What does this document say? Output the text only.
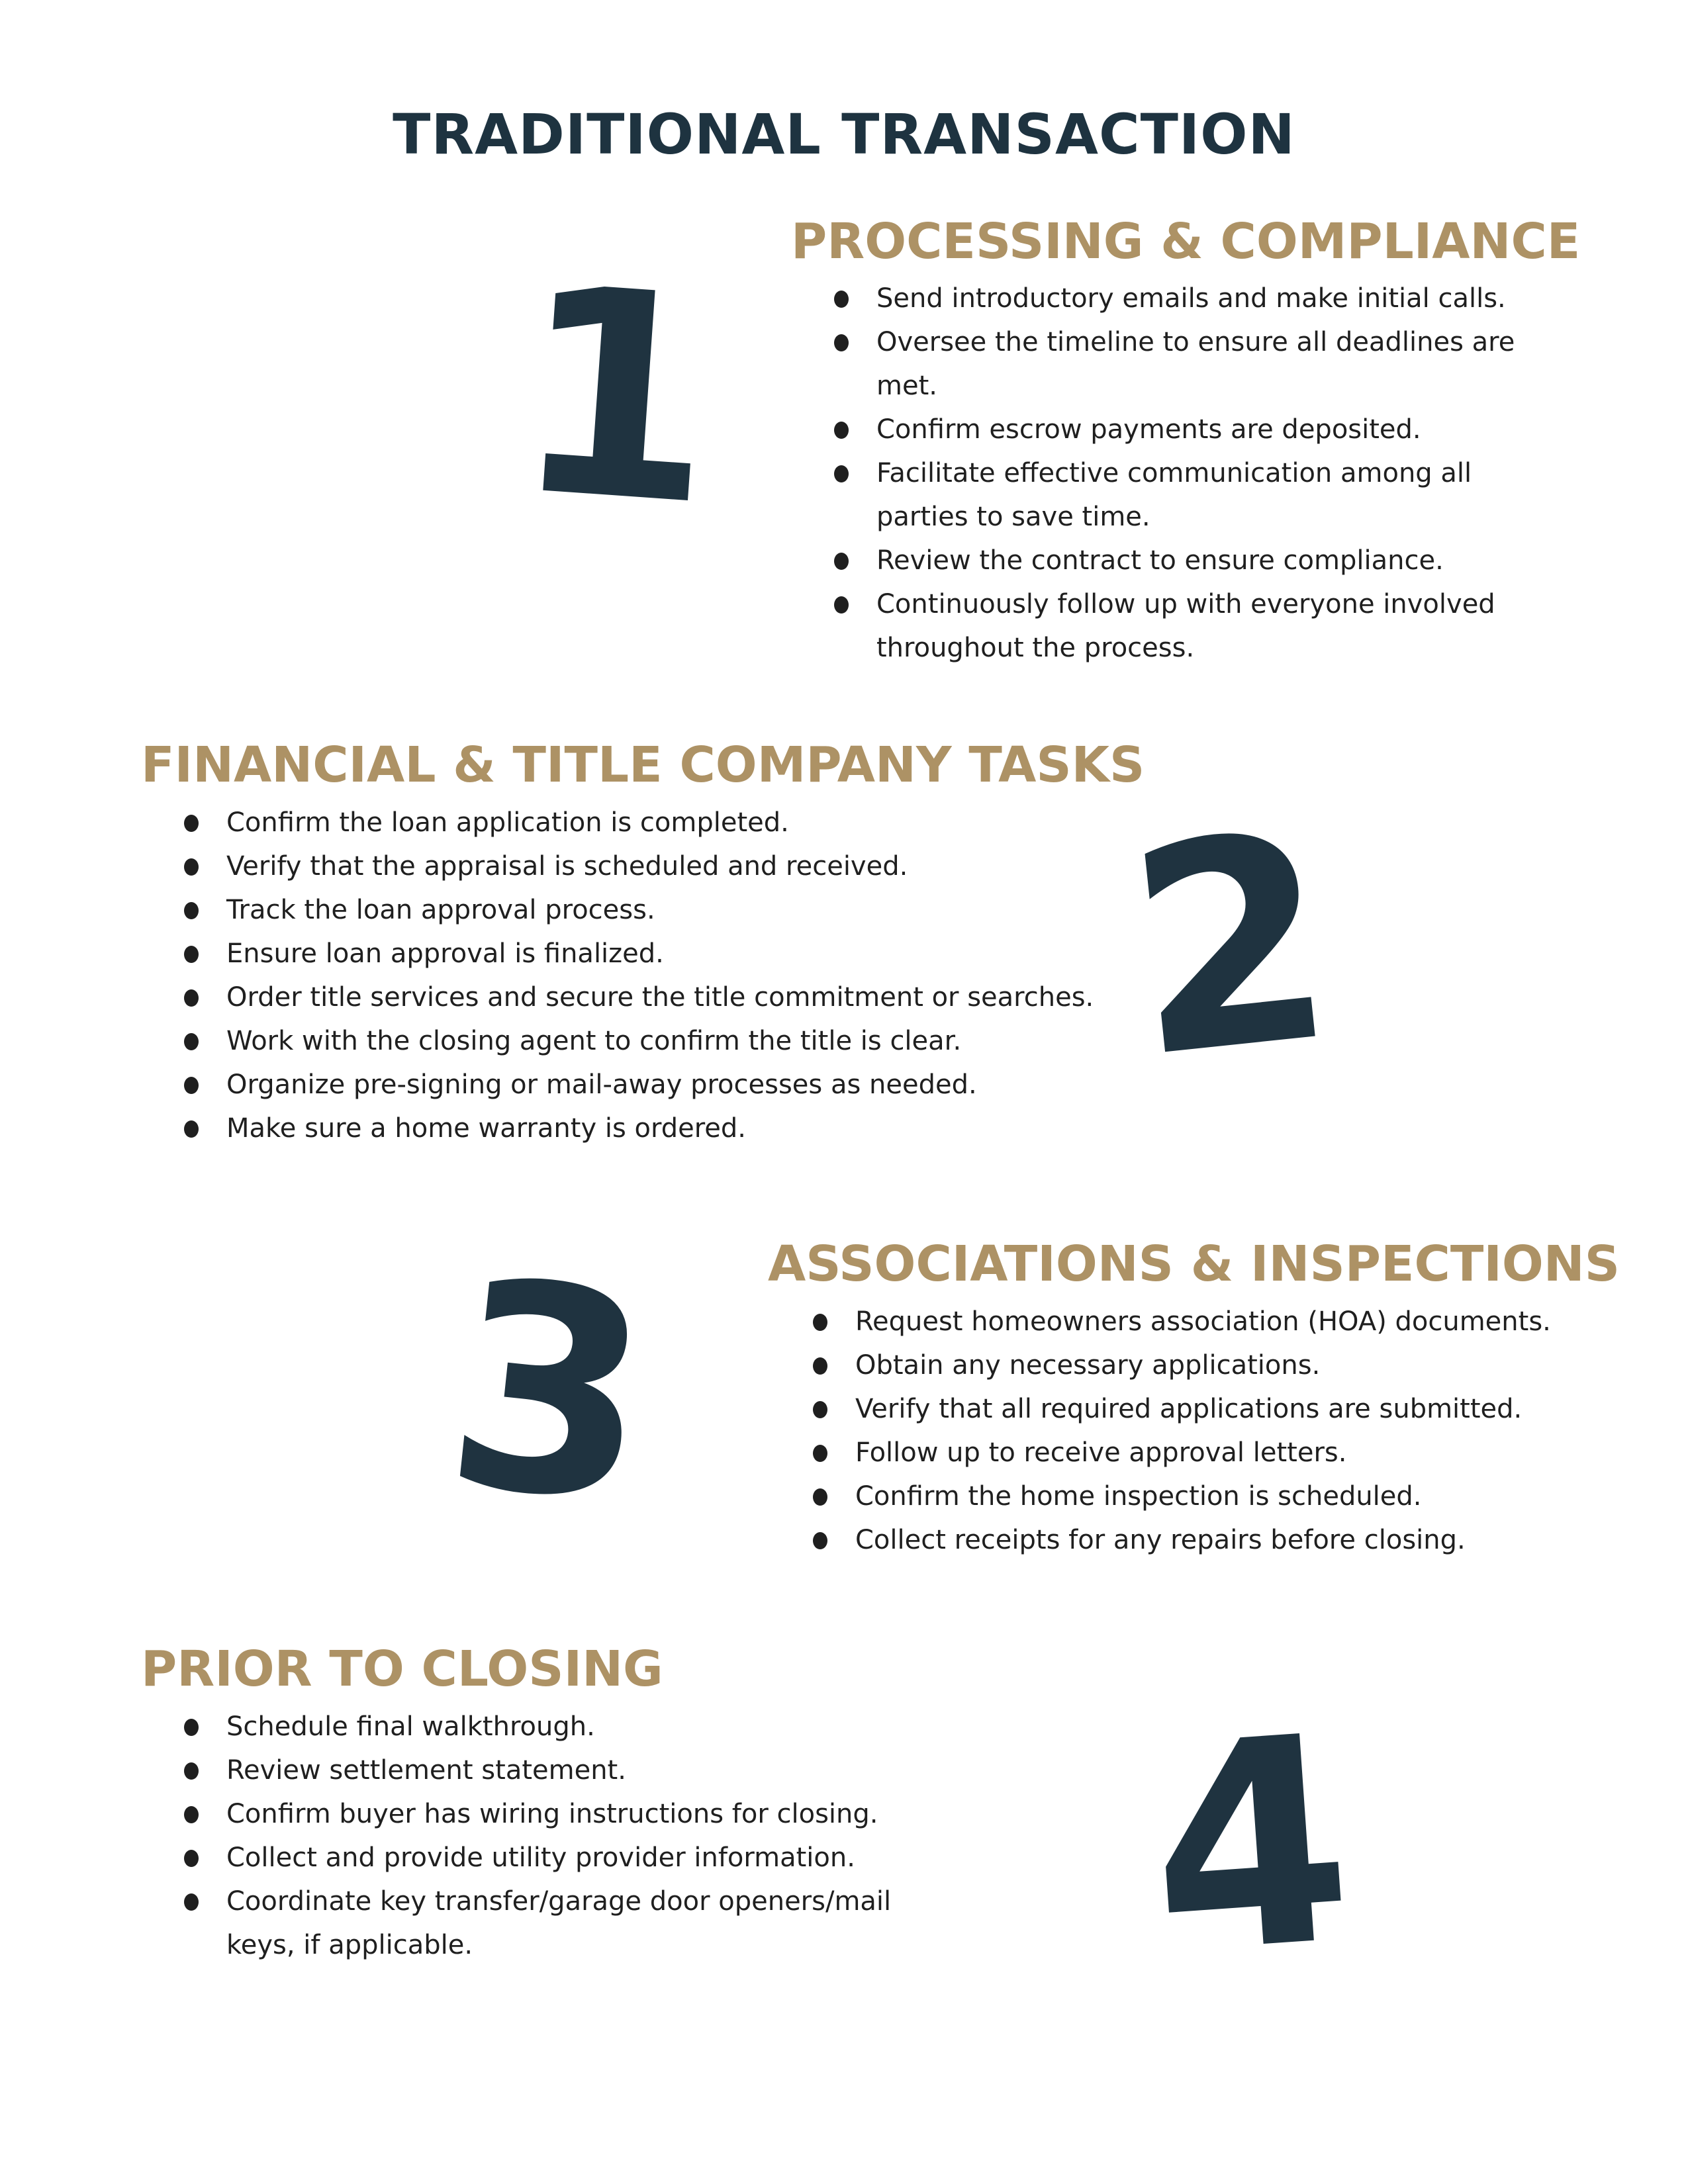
TRADITIONAL TRANSACTION
1 PROCESSING & COMPLIANCE
Send introductory emails and make initial calls.
Oversee the timeline to ensure all deadlines are met.
Confirm escrow payments are deposited.
Facilitate effective communication among all parties to save time.
Review the contract to ensure compliance.
Continuously follow up with everyone involved throughout the process.
FINANCIAL & TITLE COMPANY TASKS
Confirm the loan application is completed.
Verify that the appraisal is scheduled and received.
Track the loan approval process.
Ensure loan approval is finalized.
Order title services and secure the title commitment or searches.
Work with the closing agent to confirm the title is clear.
Organize pre-signing or mail-away processes as needed.
Make sure a home warranty is ordered.
2
3 ASSOCIATIONS & INSPECTIONS
Request homeowners association (HOA) documents.
Obtain any necessary applications.
Verify that all required applications are submitted.
Follow up to receive approval letters.
Confirm the home inspection is scheduled.
Collect receipts for any repairs before closing.
PRIOR TO CLOSING
Schedule final walkthrough.
Review settlement statement.
Confirm buyer has wiring instructions for closing.
Collect and provide utility provider information.
Coordinate key transfer/garage door openers/mail keys, if applicable.	4
